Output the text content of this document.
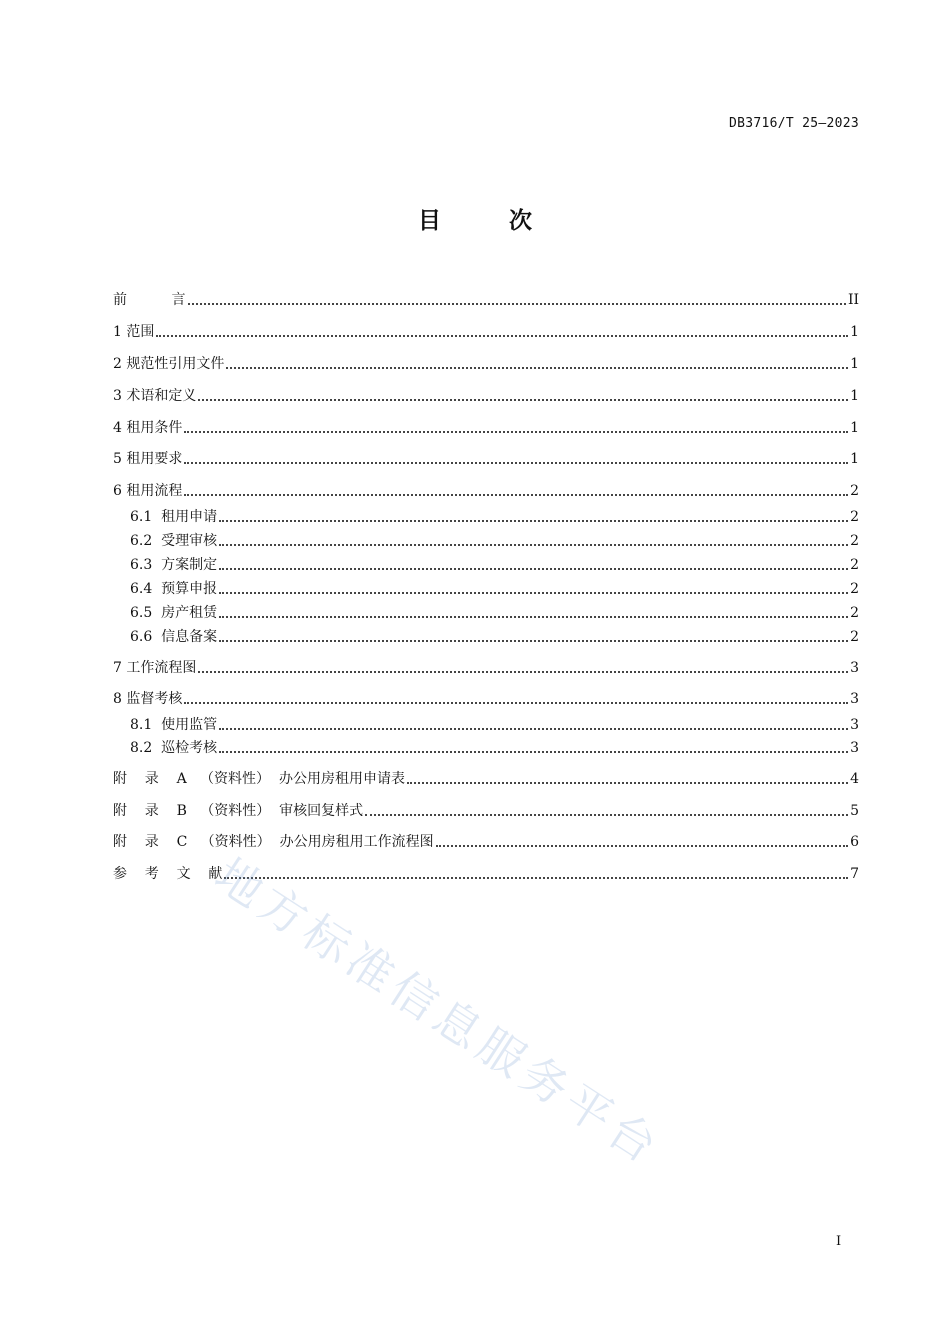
DB3716/T 25—2023
目 次
前          言	II
1 范围	1
2 规范性引用文件	1
3 术语和定义	1
4 租用条件	1
5 租用要求	1
6 租用流程	2
6.1  租用申请	2
6.2  受理审核	2
6.3  方案制定	2
6.4  预算申报	2
6.5  房产租赁	2
6.6  信息备案	2
7 工作流程图	3
8 监督考核	3
8.1  使用监管	3
8.2  巡检考核	3
附    录    A   （资料性）  办公用房租用申请表	4
附    录    B   （资料性）  审核回复样式	5
附    录    C   （资料性）  办公用房租用工作流程图	6
参    考    文    献	7
I
地方标准信息服务平台
